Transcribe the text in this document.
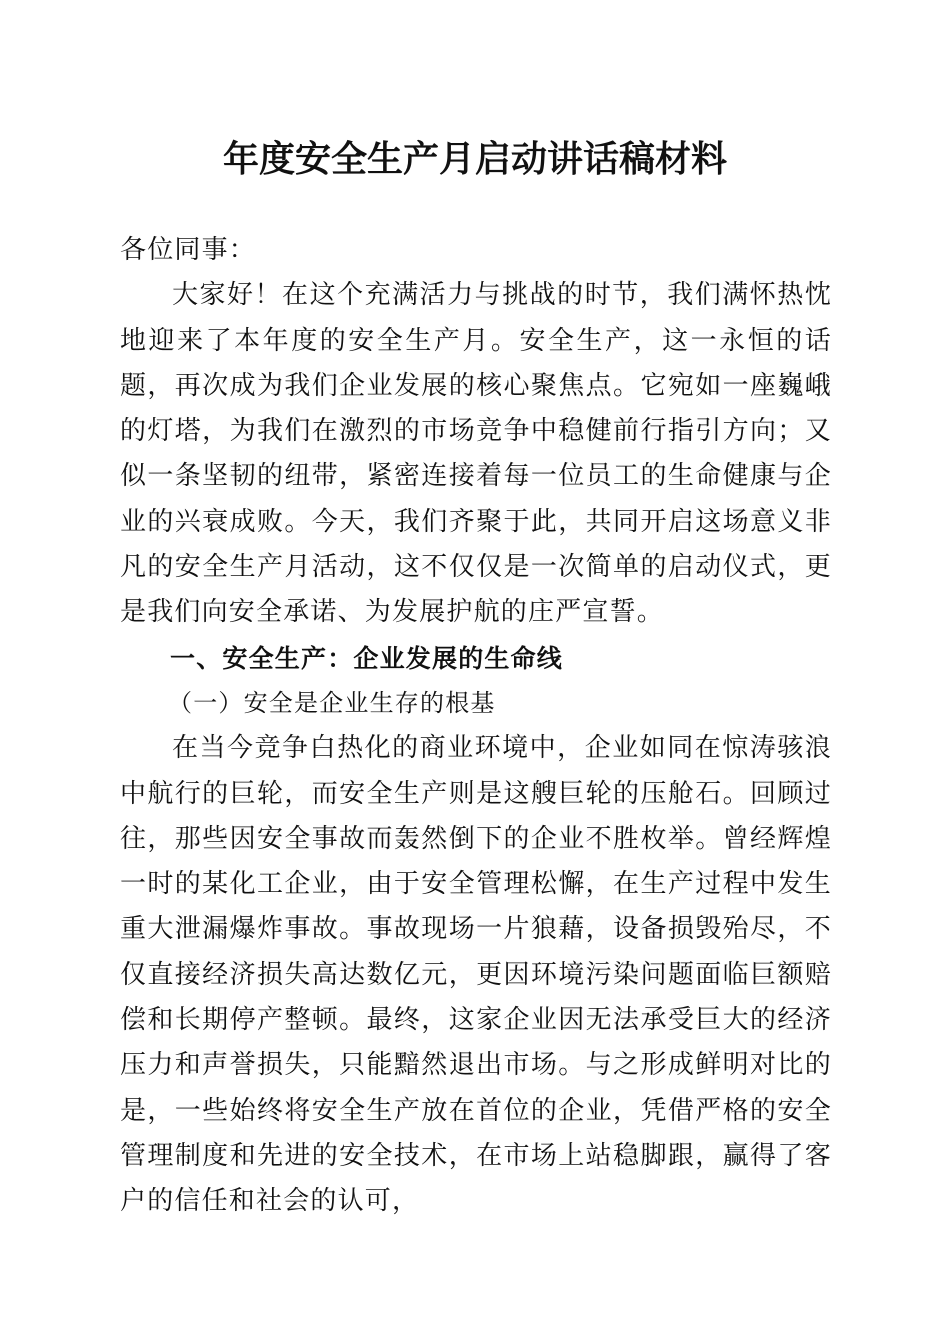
年度安全生产月启动讲话稿材料

各位同事：

大家好！在这个充满活力与挑战的时节，我们满怀热忱地迎来了本年度的安全生产月。安全生产，这一永恒的话题，再次成为我们企业发展的核心聚焦点。它宛如一座巍峨的灯塔，为我们在激烈的市场竞争中稳健前行指引方向；又似一条坚韧的纽带，紧密连接着每一位员工的生命健康与企业的兴衰成败。今天，我们齐聚于此，共同开启这场意义非凡的安全生产月活动，这不仅仅是一次简单的启动仪式，更是我们向安全承诺、为发展护航的庄严宣誓。

一、安全生产：企业发展的生命线

（一）安全是企业生存的根基

在当今竞争白热化的商业环境中，企业如同在惊涛骇浪中航行的巨轮，而安全生产则是这艘巨轮的压舱石。回顾过往，那些因安全事故而轰然倒下的企业不胜枚举。曾经辉煌一时的某化工企业，由于安全管理松懈，在生产过程中发生重大泄漏爆炸事故。事故现场一片狼藉，设备损毁殆尽，不仅直接经济损失高达数亿元，更因环境污染问题面临巨额赔偿和长期停产整顿。最终，这家企业因无法承受巨大的经济压力和声誉损失，只能黯然退出市场。与之形成鲜明对比的是，一些始终将安全生产放在首位的企业，凭借严格的安全管理制度和先进的安全技术，在市场上站稳脚跟，赢得了客户的信任和社会的认可，
